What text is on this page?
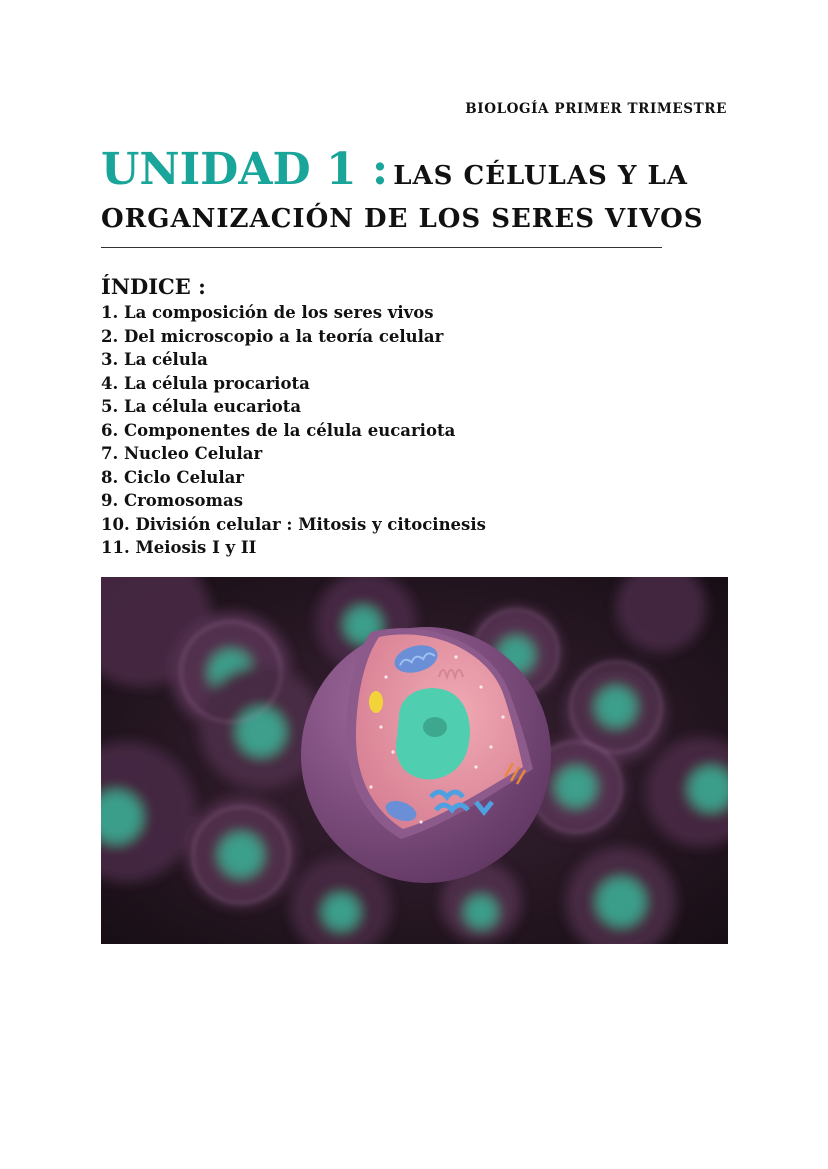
BIOLOGÍA PRIMER TRIMESTRE
UNIDAD 1 : LAS CÉLULAS Y LA
ORGANIZACIÓN DE LOS SERES VIVOS
ÍNDICE :
1. La composición de los seres vivos
2. Del microscopio a la teoría celular
3. La célula
4. La célula procariota
5. La célula eucariota
6. Componentes de la célula eucariota
7. Nucleo Celular
8. Ciclo Celular
9. Cromosomas
10. División celular : Mitosis y citocinesis
11. Meiosis I y II
